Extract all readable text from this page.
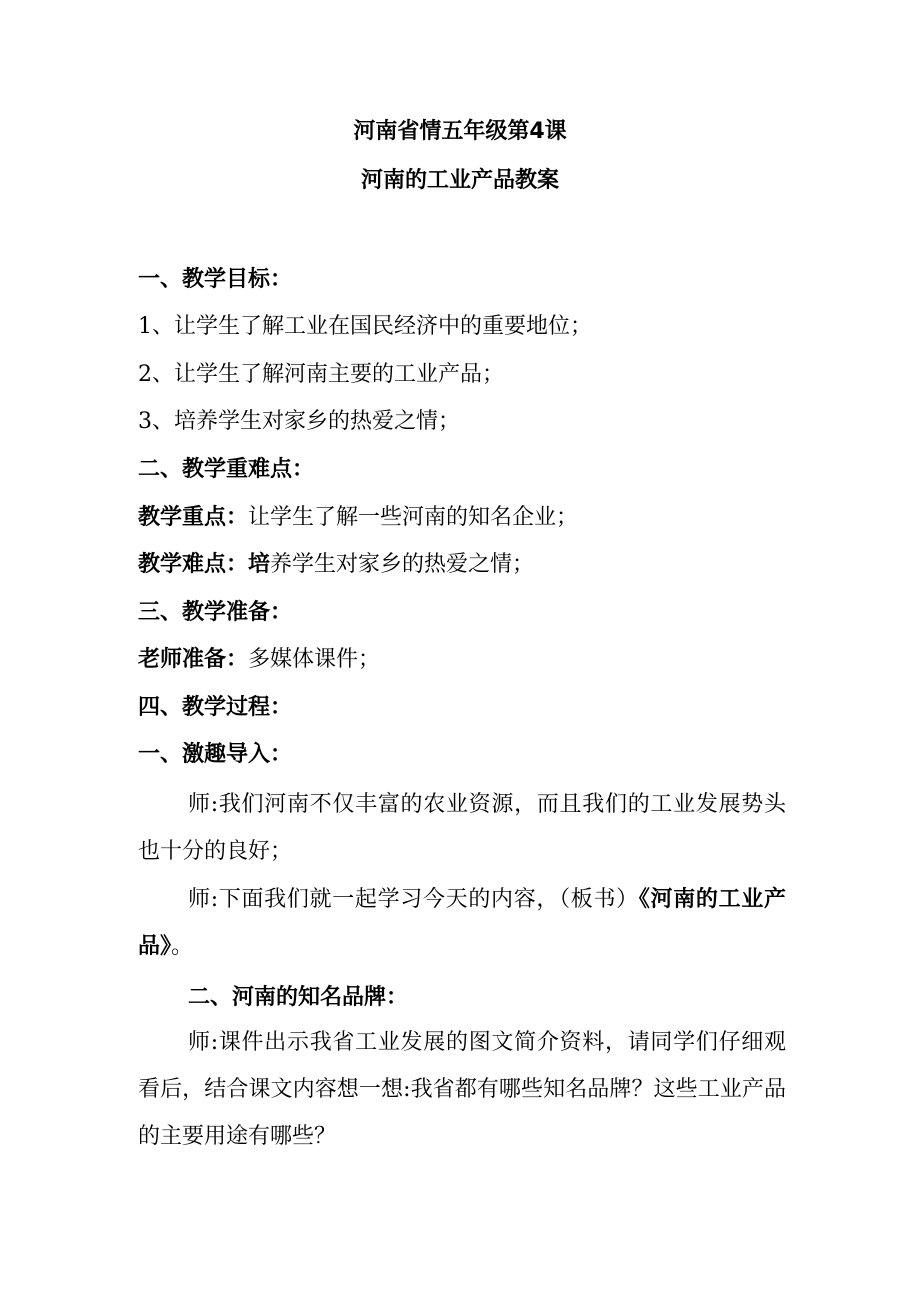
河南省情五年级第4课
河南的工业产品教案
一、教学目标：
1、让学生了解工业在国民经济中的重要地位；
2、让学生了解河南主要的工业产品；
3、培养学生对家乡的热爱之情；
二、教学重难点：
教学重点：让学生了解一些河南的知名企业；
教学难点：培养学生对家乡的热爱之情；
三、教学准备：
老师准备：多媒体课件；
四、教学过程：
一、激趣导入：

师:我们河南不仅丰富的农业资源，而且我们的工业发展势头也十分的良好；

师:下面我们就一起学习今天的内容，（板书）《河南的工业产品》。

二、河南的知名品牌：

师:课件出示我省工业发展的图文简介资料，请同学们仔细观看后，结合课文内容想一想:我省都有哪些知名品牌？这些工业产品的主要用途有哪些？
